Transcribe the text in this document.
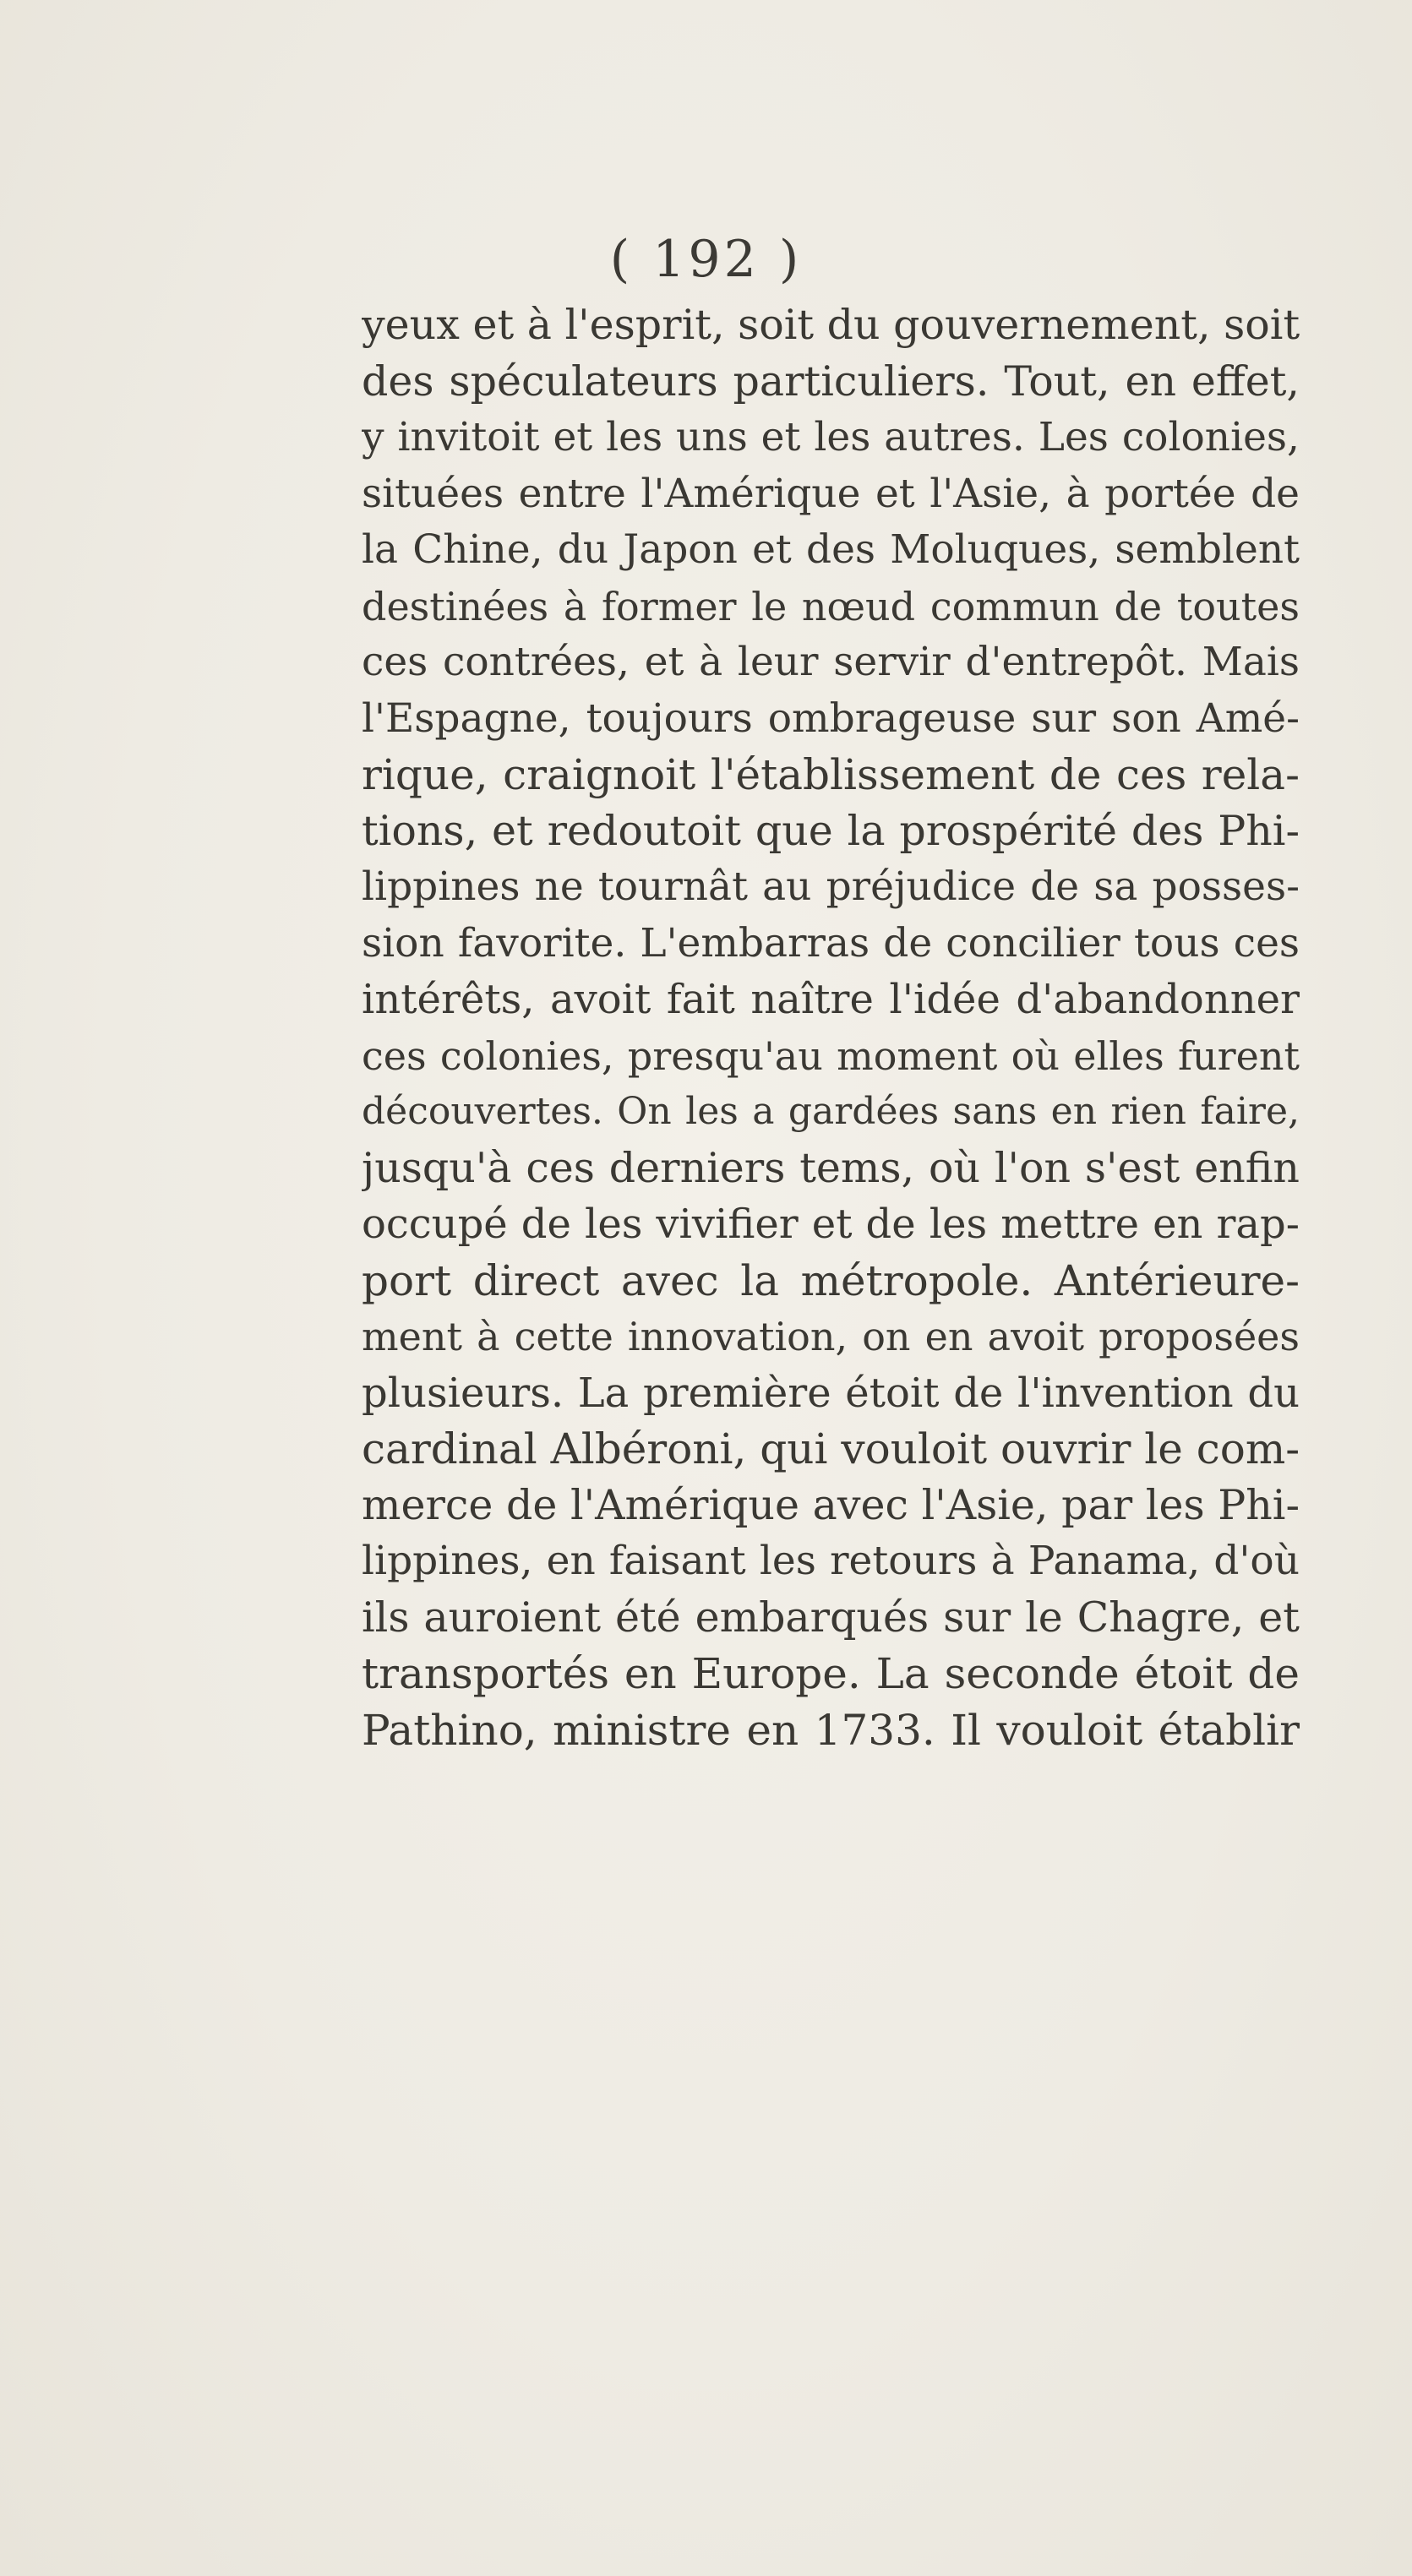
( 192 )
yeux et à l'esprit, soit du gouvernement, soit
des spéculateurs particuliers. Tout, en effet,
y invitoit et les uns et les autres. Les colonies,
situées entre l'Amérique et l'Asie, à portée de
la Chine, du Japon et des Moluques, semblent
destinées à former le nœud commun de toutes
ces contrées, et à leur servir d'entrepôt. Mais
l'Espagne, toujours ombrageuse sur son Amé-
rique, craignoit l'établissement de ces rela-
tions, et redoutoit que la prospérité des Phi-
lippines ne tournât au préjudice de sa posses-
sion favorite. L'embarras de concilier tous ces
intérêts, avoit fait naître l'idée d'abandonner
ces colonies, presqu'au moment où elles furent
découvertes. On les a gardées sans en rien faire,
jusqu'à ces derniers tems, où l'on s'est enfin
occupé de les vivifier et de les mettre en rap-
port direct avec la métropole. Antérieure-
ment à cette innovation, on en avoit proposées
plusieurs. La première étoit de l'invention du
cardinal Albéroni, qui vouloit ouvrir le com-
merce de l'Amérique avec l'Asie, par les Phi-
lippines, en faisant les retours à Panama, d'où
ils auroient été embarqués sur le Chagre, et
transportés en Europe. La seconde étoit de
Pathino, ministre en 1733. Il vouloit établir
